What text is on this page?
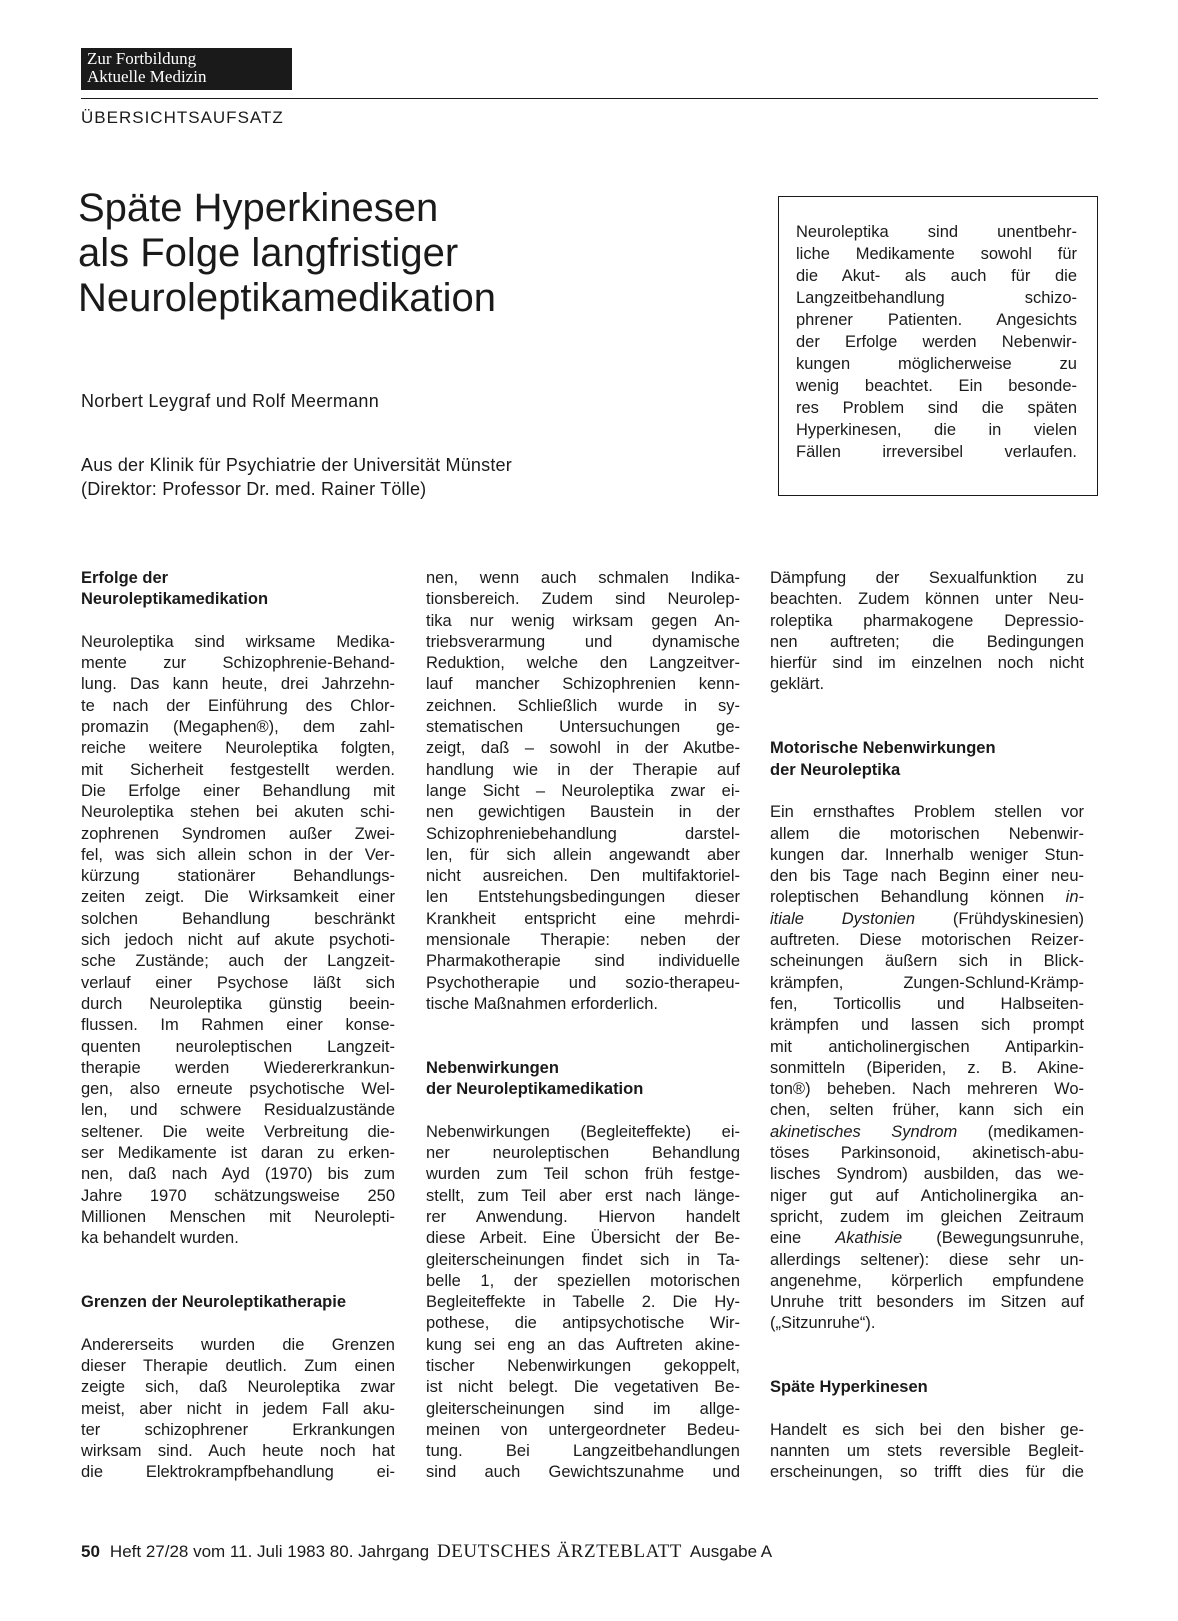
Zur Fortbildung
Aktuelle Medizin
ÜBERSICHTSAUFSATZ
Späte Hyperkinesen
als Folge langfristiger
Neuroleptikamedikation
Norbert Leygraf und Rolf Meermann
Aus der Klinik für Psychiatrie der Universität Münster
(Direktor: Professor Dr. med. Rainer Tölle)
Neuroleptika sind unentbehr-
liche Medikamente sowohl für
die Akut- als auch für die
Langzeitbehandlung schizo-
phrener Patienten. Angesichts
der Erfolge werden Nebenwir-
kungen möglicherweise zu
wenig beachtet. Ein besonde-
res Problem sind die späten
Hyperkinesen, die in vielen
Fällen irreversibel verlaufen.
Erfolge der
Neuroleptikamedikation
Neuroleptika sind wirksame Medika-
mente zur Schizophrenie-Behand-
lung. Das kann heute, drei Jahrzehn-
te nach der Einführung des Chlor-
promazin (Megaphen®), dem zahl-
reiche weitere Neuroleptika folgten,
mit Sicherheit festgestellt werden.
Die Erfolge einer Behandlung mit
Neuroleptika stehen bei akuten schi-
zophrenen Syndromen außer Zwei-
fel, was sich allein schon in der Ver-
kürzung stationärer Behandlungs-
zeiten zeigt. Die Wirksamkeit einer
solchen Behandlung beschränkt
sich jedoch nicht auf akute psychoti-
sche Zustände; auch der Langzeit-
verlauf einer Psychose läßt sich
durch Neuroleptika günstig beein-
flussen. Im Rahmen einer konse-
quenten neuroleptischen Langzeit-
therapie werden Wiedererkrankun-
gen, also erneute psychotische Wel-
len, und schwere Residualzustände
seltener. Die weite Verbreitung die-
ser Medikamente ist daran zu erken-
nen, daß nach Ayd (1970) bis zum
Jahre 1970 schätzungsweise 250
Millionen Menschen mit Neurolepti-
ka behandelt wurden.
Grenzen der Neuroleptikatherapie
Andererseits wurden die Grenzen
dieser Therapie deutlich. Zum einen
zeigte sich, daß Neuroleptika zwar
meist, aber nicht in jedem Fall aku-
ter schizophrener Erkrankungen
wirksam sind. Auch heute noch hat
die Elektrokrampfbehandlung ei-
nen, wenn auch schmalen Indika-
tionsbereich. Zudem sind Neurolep-
tika nur wenig wirksam gegen An-
triebsverarmung und dynamische
Reduktion, welche den Langzeitver-
lauf mancher Schizophrenien kenn-
zeichnen. Schließlich wurde in sy-
stematischen Untersuchungen ge-
zeigt, daß – sowohl in der Akutbe-
handlung wie in der Therapie auf
lange Sicht – Neuroleptika zwar ei-
nen gewichtigen Baustein in der
Schizophreniebehandlung darstel-
len, für sich allein angewandt aber
nicht ausreichen. Den multifaktoriel-
len Entstehungsbedingungen dieser
Krankheit entspricht eine mehrdi-
mensionale Therapie: neben der
Pharmakotherapie sind individuelle
Psychotherapie und sozio-therapeu-
tische Maßnahmen erforderlich.
Nebenwirkungen
der Neuroleptikamedikation
Nebenwirkungen (Begleiteffekte) ei-
ner neuroleptischen Behandlung
wurden zum Teil schon früh festge-
stellt, zum Teil aber erst nach länge-
rer Anwendung. Hiervon handelt
diese Arbeit. Eine Übersicht der Be-
gleiterscheinungen findet sich in Ta-
belle 1, der speziellen motorischen
Begleiteffekte in Tabelle 2. Die Hy-
pothese, die antipsychotische Wir-
kung sei eng an das Auftreten akine-
tischer Nebenwirkungen gekoppelt,
ist nicht belegt. Die vegetativen Be-
gleiterscheinungen sind im allge-
meinen von untergeordneter Bedeu-
tung. Bei Langzeitbehandlungen
sind auch Gewichtszunahme und
Dämpfung der Sexualfunktion zu
beachten. Zudem können unter Neu-
roleptika pharmakogene Depressio-
nen auftreten; die Bedingungen
hierfür sind im einzelnen noch nicht
geklärt.
Motorische Nebenwirkungen
der Neuroleptika
Ein ernsthaftes Problem stellen vor
allem die motorischen Nebenwir-
kungen dar. Innerhalb weniger Stun-
den bis Tage nach Beginn einer neu-
roleptischen Behandlung können in-
itiale Dystonien (Frühdyskinesien)
auftreten. Diese motorischen Reizer-
scheinungen äußern sich in Blick-
krämpfen, Zungen-Schlund-Krämp-
fen, Torticollis und Halbseiten-
krämpfen und lassen sich prompt
mit anticholinergischen Antiparkin-
sonmitteln (Biperiden, z. B. Akine-
ton®) beheben. Nach mehreren Wo-
chen, selten früher, kann sich ein
akinetisches Syndrom (medikamen-
töses Parkinsonoid, akinetisch-abu-
lisches Syndrom) ausbilden, das we-
niger gut auf Anticholinergika an-
spricht, zudem im gleichen Zeitraum
eine Akathisie (Bewegungsunruhe,
allerdings seltener): diese sehr un-
angenehme, körperlich empfundene
Unruhe tritt besonders im Sitzen auf
(„Sitzunruhe“).
Späte Hyperkinesen
Handelt es sich bei den bisher ge-
nannten um stets reversible Begleit-
erscheinungen, so trifft dies für die
50 Heft 27/28 vom 11. Juli 1983 80. Jahrgang DEUTSCHES ÄRZTEBLATT Ausgabe A
